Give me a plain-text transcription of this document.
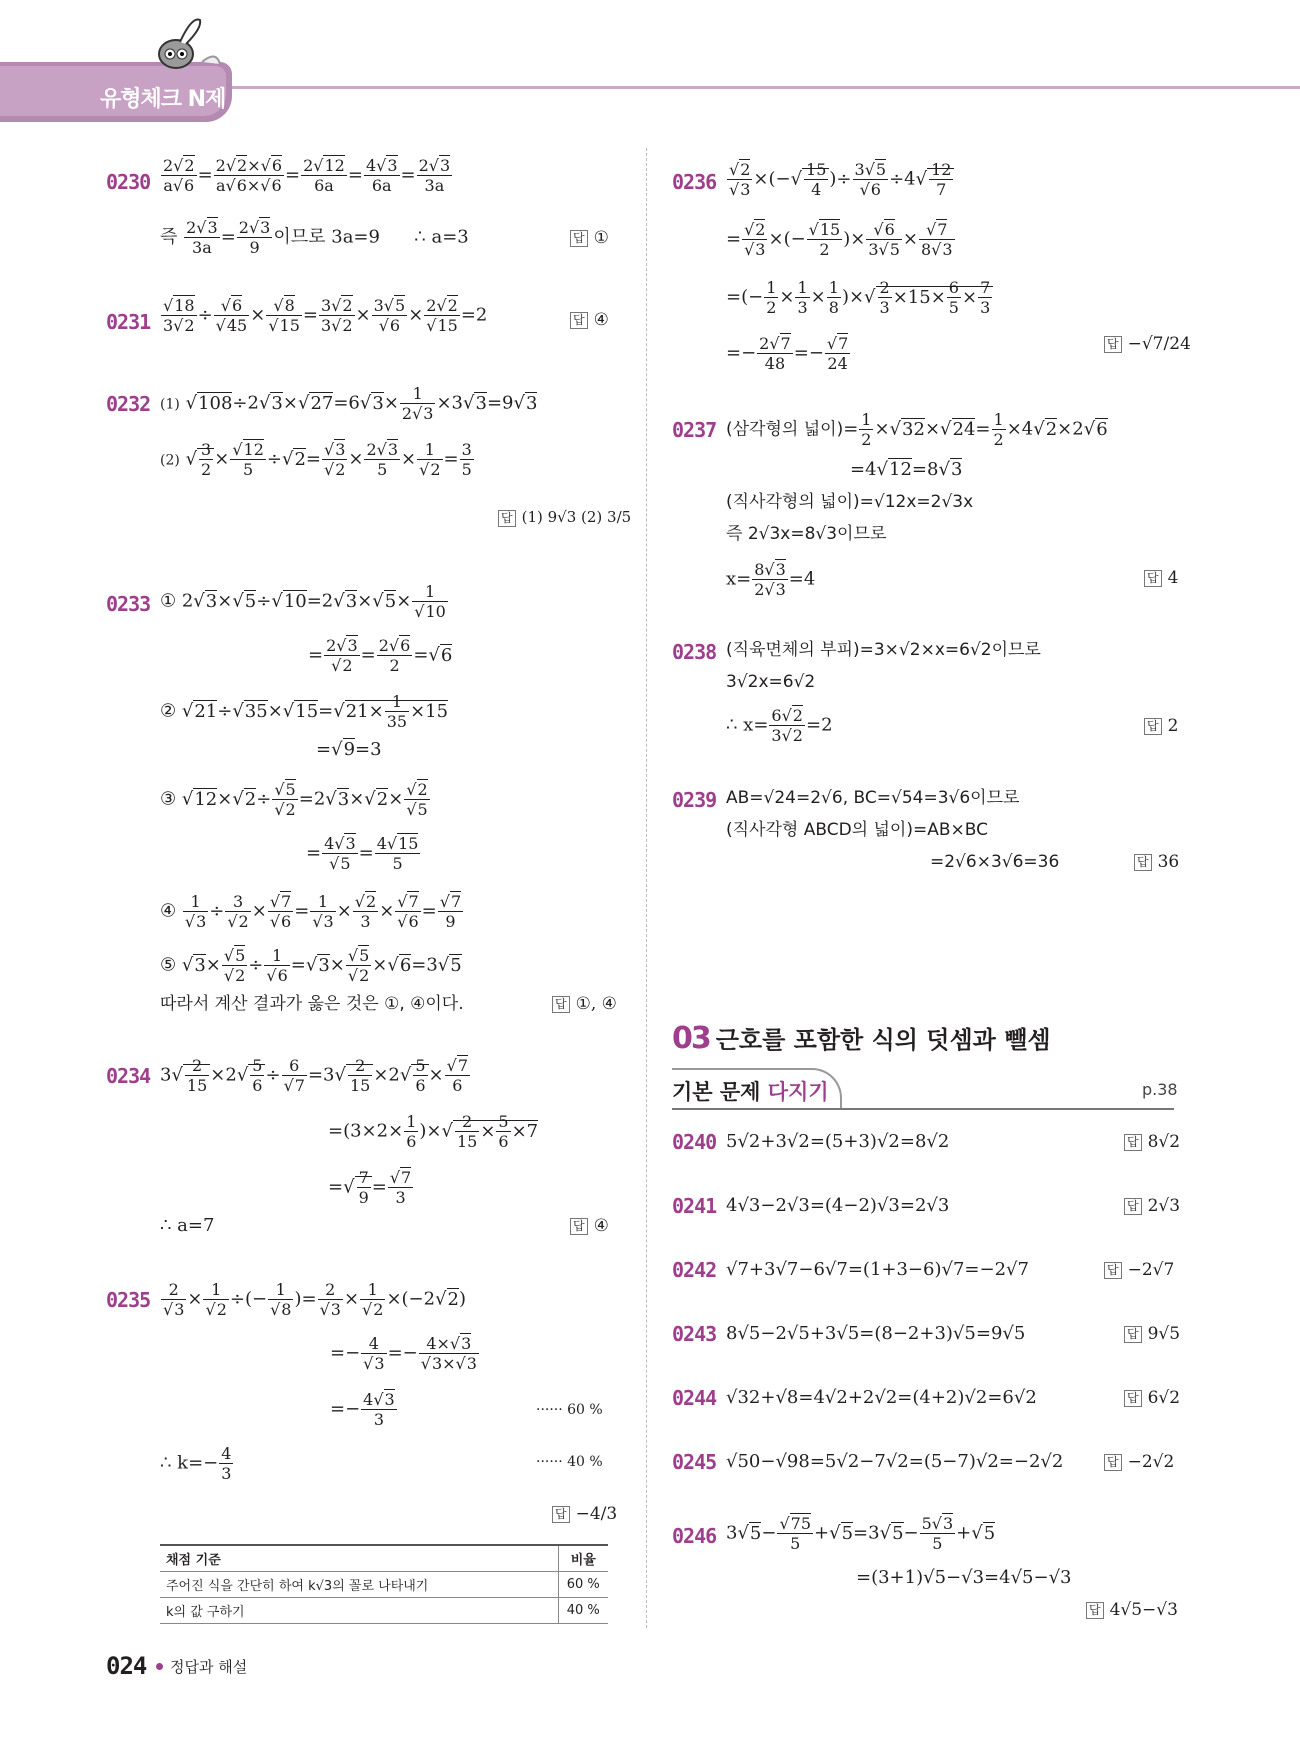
유형체크 N제
$0230 \frac{2√2}{a√6} = \frac{2√2\times√6}{a√6\times√6} = \frac{2√12}{6a} = \frac{4√3}{6a} = \frac{2√3}{3a}$
즉 $\frac{2√3}{3a} = \frac{2√3}{9}$ 이므로 3a=9      ∴ a=3	답 ①
$0231 \frac{√18}{3√2} \div \frac{√6}{√45} \times \frac{√8}{√15} = \frac{3√2}{3√2} \times \frac{3√5}{√6} \times \frac{2√2}{√15} =2$	답 ④
0232 (1) $√108\div 2√3\times√27=6√3\times \frac{1}{2√3} \times 3√3=9√3$
(2) √ $\frac{3}{2} \times \frac{√12}{5} \div√2= \frac{√3}{√2} \times \frac{2√3}{5} \times \frac{1}{√2} = \frac{3}{5}$
답 (1) 9√3 (2) 3/5
0233 ① $2√3\times√5\div√10=2√3\times√5\times \frac{1}{√10}$
= $\frac{2√3}{√2} = \frac{2√6}{2} =√6$
② $√21\div√35\times√15=√21\times \frac{1}{35} \times 15$
=√9=3
③ $√12\times√2\div \frac{√5}{√2} =2√3\times√2\times \frac{√2}{√5}$
= $\frac{4√3}{√5} = \frac{4√15}{5}$
④ $\frac{1}{√3} \div \frac{3}{√2} \times \frac{√7}{√6} = \frac{1}{√3} \times \frac{√2}{3} \times \frac{√7}{√6} = \frac{√7}{9}$
⑤ $√3\times \frac{√5}{√2} \div \frac{1}{√6} =√3\times \frac{√5}{√2} \times√6=3√5$
따라서 계산 결과가 옳은 것은 ①, ④이다.	답 ①, ④
0234 $3√ \frac{2}{15} \times 2√ \frac{5}{6} \div \frac{6}{√7} =3√ \frac{2}{15} \times 2√ \frac{5}{6} \times \frac{√7}{6}$
$=(3\times 2\times \frac{1}{6}$ )×√ $\frac{2}{15} \times \frac{5}{6} \times 7$
=√ $\frac{7}{9} = \frac{√7}{3}$
∴ a=7	답 ④
$0235 \frac{2}{√3} \times \frac{1}{√2}$ ÷(− $\frac{1}{√8}$ )= $\frac{2}{√3} \times \frac{1}{√2} \times(-2√2)$
=− $\frac{4}{√3} =- \frac{4\times√3}{√3\times√3}$
=− $\frac{4√3}{3}$	······ 60 %
∴ $k=- \frac{4}{3}$	······ 40 %
답 −4/3
채점 기준	비율
주어진 식을 간단히 하여 k√3의 꼴로 나타내기	60 %
k의 값 구하기	40 %
$0236 \frac{√2}{√3}$ ×(−√ $\frac{15}{4}$ )÷ $\frac{3√5}{√6} \div 4√ \frac{12}{7}$
= $\frac{√2}{√3}$ ×(− $\frac{√15}{2}$ )× $\frac{√6}{3√5} \times \frac{√7}{8√3}$
=(− $\frac{1}{2} \times \frac{1}{3} \times \frac{1}{8}$ )×√ $\frac{2}{3} \times 15\times \frac{6}{5} \times \frac{7}{3}$
=− $\frac{2√7}{48} =- \frac{√7}{24}$	답 −√7/24
0237 (삼각형의 넓이)= $\frac{1}{2} \times√32\times√24= \frac{1}{2} \times 4√2\times 2√6$
=4√12=8√3
(직사각형의 넓이)=√12x=2√3x
즉 2√3x=8√3이므로
$x= \frac{8√3}{2√3} =4$	답 4
0238 (직육면체의 부피)=3×√2×x=6√2이므로
3√2x=6√2
∴ $x= \frac{6√2}{3√2} =2$	답 2
0239 AB=√24=2√6, BC=√54=3√6이므로
(직사각형 ABCD의 넓이)=AB×BC
=2√6×3√6=36	답 36
03 근호를 포함한 식의 덧셈과 뺄셈
기본 문제 다지기	p.38
0240 5√2+3√2=(5+3)√2=8√2	답 8√2
0241 4√3−2√3=(4−2)√3=2√3	답 2√3
0242 √7+3√7−6√7=(1+3−6)√7=−2√7	답 −2√7
0243 8√5−2√5+3√5=(8−2+3)√5=9√5	답 9√5
0244 √32+√8=4√2+2√2=(4+2)√2=6√2	답 6√2
0245 √50−√98=5√2−7√2=(5−7)√2=−2√2	답 −2√2
0246 $3√5- \frac{√75}{5} +√5=3√5- \frac{5√3}{5} +√5$
=(3+1)√5−√3=4√5−√3
답 4√5−√3
024 정답과 해설
